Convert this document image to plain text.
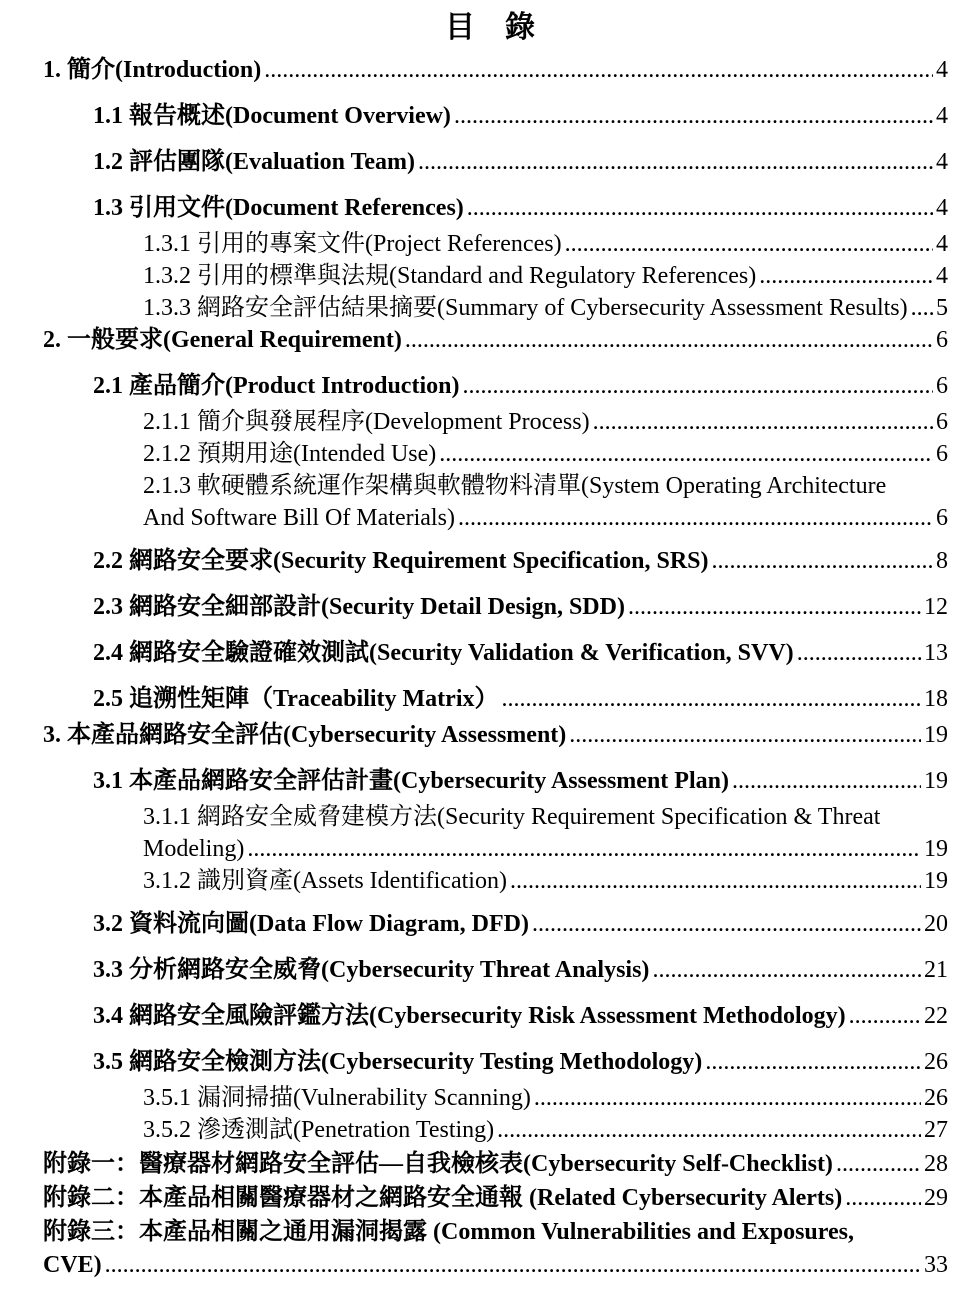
目　錄
1. 簡介(Introduction) .....	4
1.1 報告概述(Document Overview) .....	4
1.2 評估團隊(Evaluation Team) .....	4
1.3 引用文件(Document References) .....	4
1.3.1 引用的專案文件(Project References) .....	4
1.3.2 引用的標準與法規(Standard and Regulatory References) .....	4
1.3.3 網路安全評估結果摘要(Summary of Cybersecurity Assessment Results) ..... 5
2. 一般要求(General Requirement) .....	6
2.1 產品簡介(Product Introduction) .....	6
2.1.1 簡介與發展程序(Development Process) .....	6
2.1.2 預期用途(Intended Use) .....	6
2.1.3 軟硬體系統運作架構與軟體物料清單(System Operating Architecture
And Software Bill Of Materials) .....	6
2.2 網路安全要求(Security Requirement Specification, SRS) .....	8
2.3 網路安全細部設計(Security Detail Design, SDD) .....	12
2.4 網路安全驗證確效測試(Security Validation & Verification, SVV) .....	13
2.5 追溯性矩陣（Traceability Matrix） .....	18
3. 本產品網路安全評估(Cybersecurity Assessment) .....	19
3.1 本產品網路安全評估計畫(Cybersecurity Assessment Plan) .....	19
3.1.1 網路安全威脅建模方法(Security Requirement Specification & Threat
Modeling) .....	19
3.1.2 識別資產(Assets Identification) .....	19
3.2 資料流向圖(Data Flow Diagram, DFD) .....	20
3.3 分析網路安全威脅(Cybersecurity Threat Analysis) .....	21
3.4 網路安全風險評鑑方法(Cybersecurity Risk Assessment Methodology) .....	22
3.5 網路安全檢測方法(Cybersecurity Testing Methodology) .....	26
3.5.1 漏洞掃描(Vulnerability Scanning) .....	26
3.5.2 滲透測試(Penetration Testing) .....	27
附錄一：醫療器材網路安全評估—自我檢核表(Cybersecurity Self-Checklist) .....	28
附錄二：本產品相關醫療器材之網路安全通報 (Related Cybersecurity Alerts) .....	29
附錄三：本產品相關之通用漏洞揭露 (Common Vulnerabilities and Exposures,
CVE) .....	33
